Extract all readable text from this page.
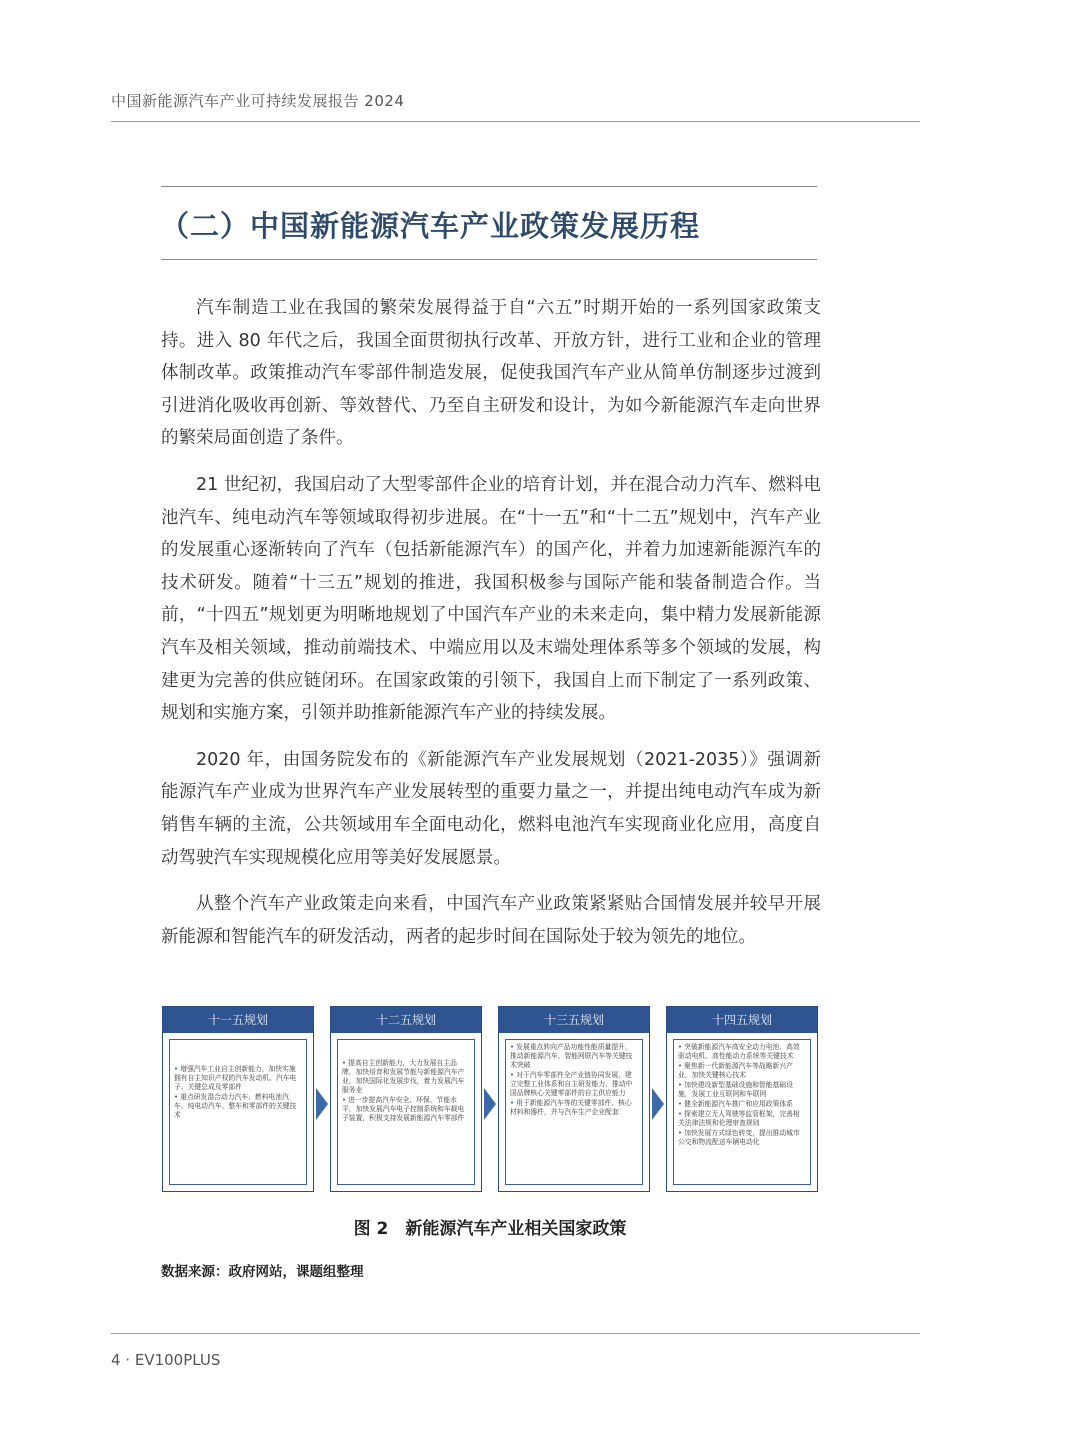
中国新能源汽车产业可持续发展报告 2024
（二）中国新能源汽车产业政策发展历程

汽车制造工业在我国的繁荣发展得益于自“六五”时期开始的一系列国家政策支持。进入 80 年代之后，我国全面贯彻执行改革、开放方针，进行工业和企业的管理体制改革。政策推动汽车零部件制造发展，促使我国汽车产业从简单仿制逐步过渡到引进消化吸收再创新、等效替代、乃至自主研发和设计，为如今新能源汽车走向世界的繁荣局面创造了条件。

21 世纪初，我国启动了大型零部件企业的培育计划，并在混合动力汽车、燃料电池汽车、纯电动汽车等领域取得初步进展。在“十一五”和“十二五”规划中，汽车产业的发展重心逐渐转向了汽车（包括新能源汽车）的国产化，并着力加速新能源汽车的技术研发。随着“十三五”规划的推进，我国积极参与国际产能和装备制造合作。当前，“十四五”规划更为明晰地规划了中国汽车产业的未来走向，集中精力发展新能源汽车及相关领域，推动前端技术、中端应用以及末端处理体系等多个领域的发展，构建更为完善的供应链闭环。在国家政策的引领下，我国自上而下制定了一系列政策、规划和实施方案，引领并助推新能源汽车产业的持续发展。

2020 年，由国务院发布的《新能源汽车产业发展规划（2021-2035）》强调新能源汽车产业成为世界汽车产业发展转型的重要力量之一，并提出纯电动汽车成为新销售车辆的主流，公共领域用车全面电动化，燃料电池汽车实现商业化应用，高度自动驾驶汽车实现规模化应用等美好发展愿景。

从整个汽车产业政策走向来看，中国汽车产业政策紧紧贴合国情发展并较早开展新能源和智能汽车的研发活动，两者的起步时间在国际处于较为领先的地位。

十一五规划
• 增强汽车工业自主创新能力，加快实施拥有自主知识产权的汽车发动机、汽车电子、关键总成及零部件
• 重点研发混合动力汽车、燃料电池汽车、纯电动汽车、整车和零部件的关键技术
十二五规划
• 提高自主创新能力，大力发展自主品牌，加快培育和发展节能与新能源汽车产业，加快国际化发展步伐，着力发展汽车服务业
• 进一步提高汽车安全、环保、节能水平，加快发展汽车电子控制系统和车载电子装置，积极支持发展新能源汽车零部件
十三五规划
• 发展重点转向产品功能性能质量提升，推动新能源汽车、智能网联汽车等关键技术突破
• 对于汽车零部件全产业链协同发展，建立完整工业体系和自主研发能力，推动中国品牌核心关键零部件的自主供应能力
• 用于新能源汽车等的关键零部件、核心材料和器件，并与汽车生产企业配套
十四五规划
• 突破新能源汽车高安全动力电池、高效驱动电机、高性能动力系统等关键技术
• 聚焦新一代新能源汽车等战略新兴产业，加快关键核心技术
• 加快建设新型基础设施和智能基础设施，发展工业互联网和车联网
• 健全新能源汽车推广和应用政策体系
• 探索建立无人驾驶等监管框架，完善相关法律法规和伦理审查规则
• 加快发展方式绿色转变，提出推动城市公交和物流配送车辆电动化
图 2　新能源汽车产业相关国家政策
数据来源：政府网站，课题组整理
4 · EV100PLUS
